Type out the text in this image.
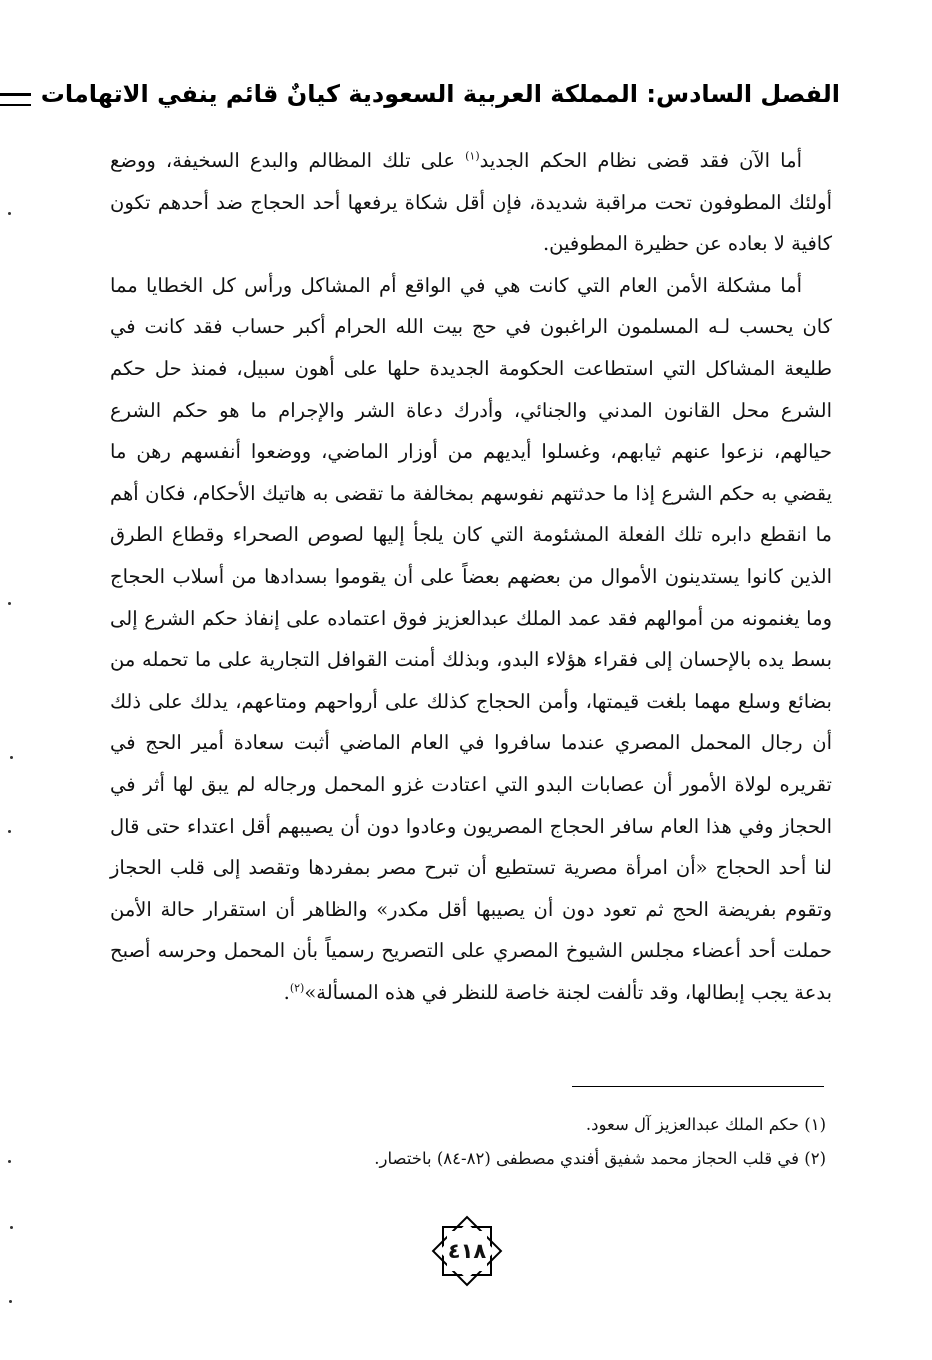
الفصل السادس: المملكة العربية السعودية كيانٌ قائم ينفي الاتهامات

أما الآن فقد قضى نظام الحكم الجديد$^{(١)}$ على تلك المظالم والبدع السخيفة، ووضع أولئك المطوفون تحت مراقبة شديدة، فإن أقل شكاة يرفعها أحد الحجاج ضد أحدهم تكون كافية لا بعاده عن حظيرة المطوفين.

أما مشكلة الأمن العام التي كانت هي في الواقع أم المشاكل ورأس كل الخطايا مما كان يحسب لـه المسلمون الراغبون في حج بيت الله الحرام أكبر حساب فقد كانت في طليعة المشاكل التي استطاعت الحكومة الجديدة حلها على أهون سبيل، فمنذ حل حكم الشرع محل القانون المدني والجنائي، وأدرك دعاة الشر والإجرام ما هو حكم الشرع حيالهم، نزعوا عنهم ثيابهم، وغسلوا أيديهم من أوزار الماضي، ووضعوا أنفسهم رهن ما يقضي به حكم الشرع إذا ما حدثتهم نفوسهم بمخالفة ما تقضى به هاتيك الأحكام، فكان أهم ما انقطع دابره تلك الفعلة المشئومة التي كان يلجأ إليها لصوص الصحراء وقطاع الطرق الذين كانوا يستدينون الأموال من بعضهم بعضاً على أن يقوموا بسدادها من أسلاب الحجاج وما يغنمونه من أموالهم فقد عمد الملك عبدالعزيز فوق اعتماده على إنفاذ حكم الشرع إلى بسط يده بالإحسان إلى فقراء هؤلاء البدو، وبذلك أمنت القوافل التجارية على ما تحمله من بضائع وسلع مهما بلغت قيمتها، وأمن الحجاج كذلك على أرواحهم ومتاعهم، يدلك على ذلك أن رجال المحمل المصري عندما سافروا في العام الماضي أثبت سعادة أمير الحج في تقريره لولاة الأمور أن عصابات البدو التي اعتادت غزو المحمل ورجاله لم يبق لها أثر في الحجاز وفي هذا العام سافر الحجاج المصريون وعادوا دون أن يصيبهم أقل اعتداء حتى قال لنا أحد الحجاج «أن امرأة مصرية تستطيع أن تبرح مصر بمفردها وتقصد إلى قلب الحجاز وتقوم بفريضة الحج ثم تعود دون أن يصيبها أقل مكدر» والظاهر أن استقرار حالة الأمن حملت أحد أعضاء مجلس الشيوخ المصري على التصريح رسمياً بأن المحمل وحرسه أصبح بدعة يجب إبطالها، وقد تألفت لجنة خاصة للنظر في هذه المسألة»$^{(٢)}$.

(١) حكم الملك عبدالعزيز آل سعود.
(٢) في قلب الحجاز محمد شفيق أفندي مصطفى (٨٢-٨٤) باختصار.
٤١٨
